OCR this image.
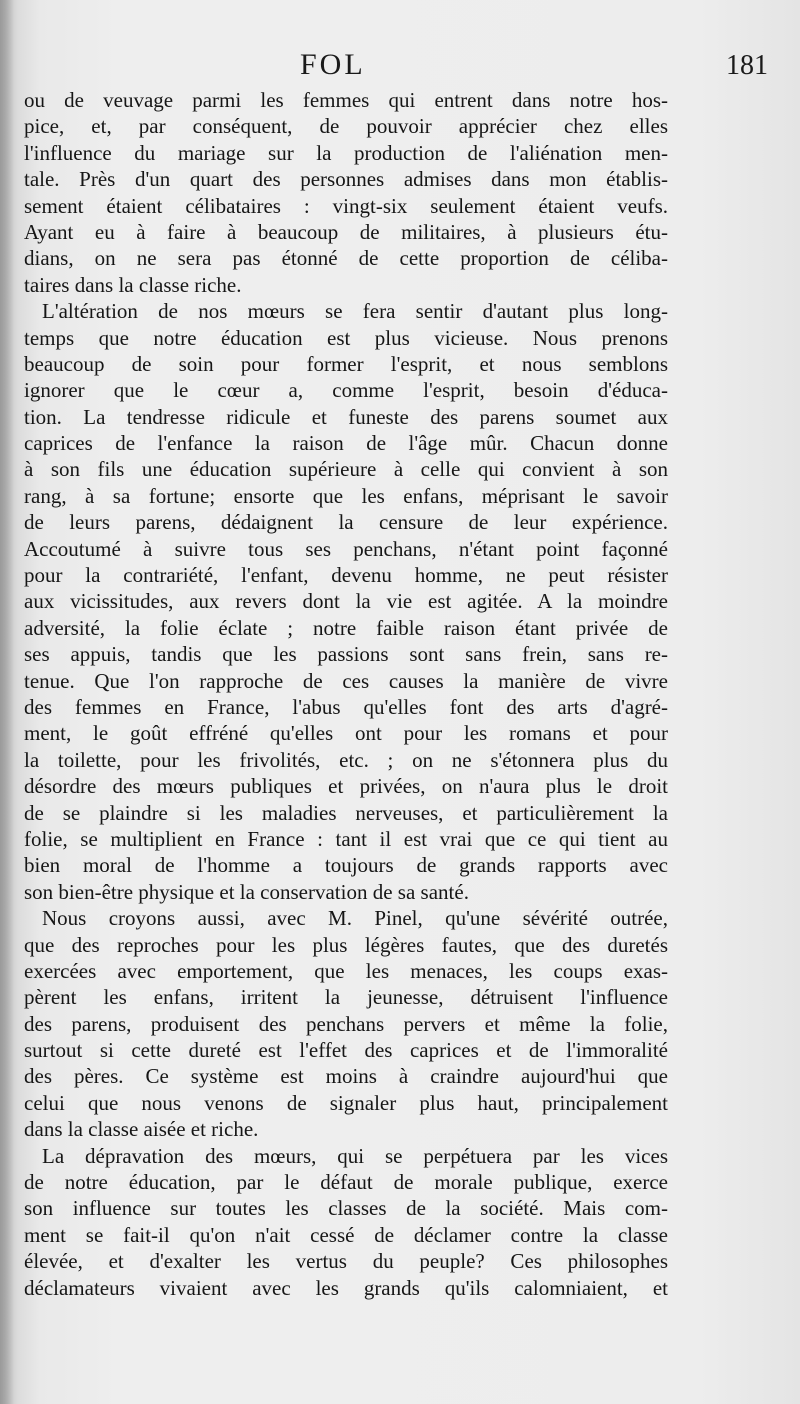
FOL	181
ou de veuvage parmi les femmes qui entrent dans notre hos-
pice, et, par conséquent, de pouvoir apprécier chez elles
l'influence du mariage sur la production de l'aliénation men-
tale. Près d'un quart des personnes admises dans mon établis-
sement étaient célibataires : vingt-six seulement étaient veufs.
Ayant eu à faire à beaucoup de militaires, à plusieurs étu-
dians, on ne sera pas étonné de cette proportion de céliba-
taires dans la classe riche.
L'altération de nos mœurs se fera sentir d'autant plus long-
temps que notre éducation est plus vicieuse. Nous prenons
beaucoup de soin pour former l'esprit, et nous semblons
ignorer que le cœur a, comme l'esprit, besoin d'éduca-
tion. La tendresse ridicule et funeste des parens soumet aux
caprices de l'enfance la raison de l'âge mûr. Chacun donne
à son fils une éducation supérieure à celle qui convient à son
rang, à sa fortune; ensorte que les enfans, méprisant le savoir
de leurs parens, dédaignent la censure de leur expérience.
Accoutumé à suivre tous ses penchans, n'étant point façonné
pour la contrariété, l'enfant, devenu homme, ne peut résister
aux vicissitudes, aux revers dont la vie est agitée. A la moindre
adversité, la folie éclate ; notre faible raison étant privée de
ses appuis, tandis que les passions sont sans frein, sans re-
tenue. Que l'on rapproche de ces causes la manière de vivre
des femmes en France, l'abus qu'elles font des arts d'agré-
ment, le goût effréné qu'elles ont pour les romans et pour
la toilette, pour les frivolités, etc. ; on ne s'étonnera plus du
désordre des mœurs publiques et privées, on n'aura plus le droit
de se plaindre si les maladies nerveuses, et particulièrement la
folie, se multiplient en France : tant il est vrai que ce qui tient au
bien moral de l'homme a toujours de grands rapports avec
son bien-être physique et la conservation de sa santé.
Nous croyons aussi, avec M. Pinel, qu'une sévérité outrée,
que des reproches pour les plus légères fautes, que des duretés
exercées avec emportement, que les menaces, les coups exas-
pèrent les enfans, irritent la jeunesse, détruisent l'influence
des parens, produisent des penchans pervers et même la folie,
surtout si cette dureté est l'effet des caprices et de l'immoralité
des pères. Ce système est moins à craindre aujourd'hui que
celui que nous venons de signaler plus haut, principalement
dans la classe aisée et riche.
La dépravation des mœurs, qui se perpétuera par les vices
de notre éducation, par le défaut de morale publique, exerce
son influence sur toutes les classes de la société. Mais com-
ment se fait-il qu'on n'ait cessé de déclamer contre la classe
élevée, et d'exalter les vertus du peuple? Ces philosophes
déclamateurs vivaient avec les grands qu'ils calomniaient, et
